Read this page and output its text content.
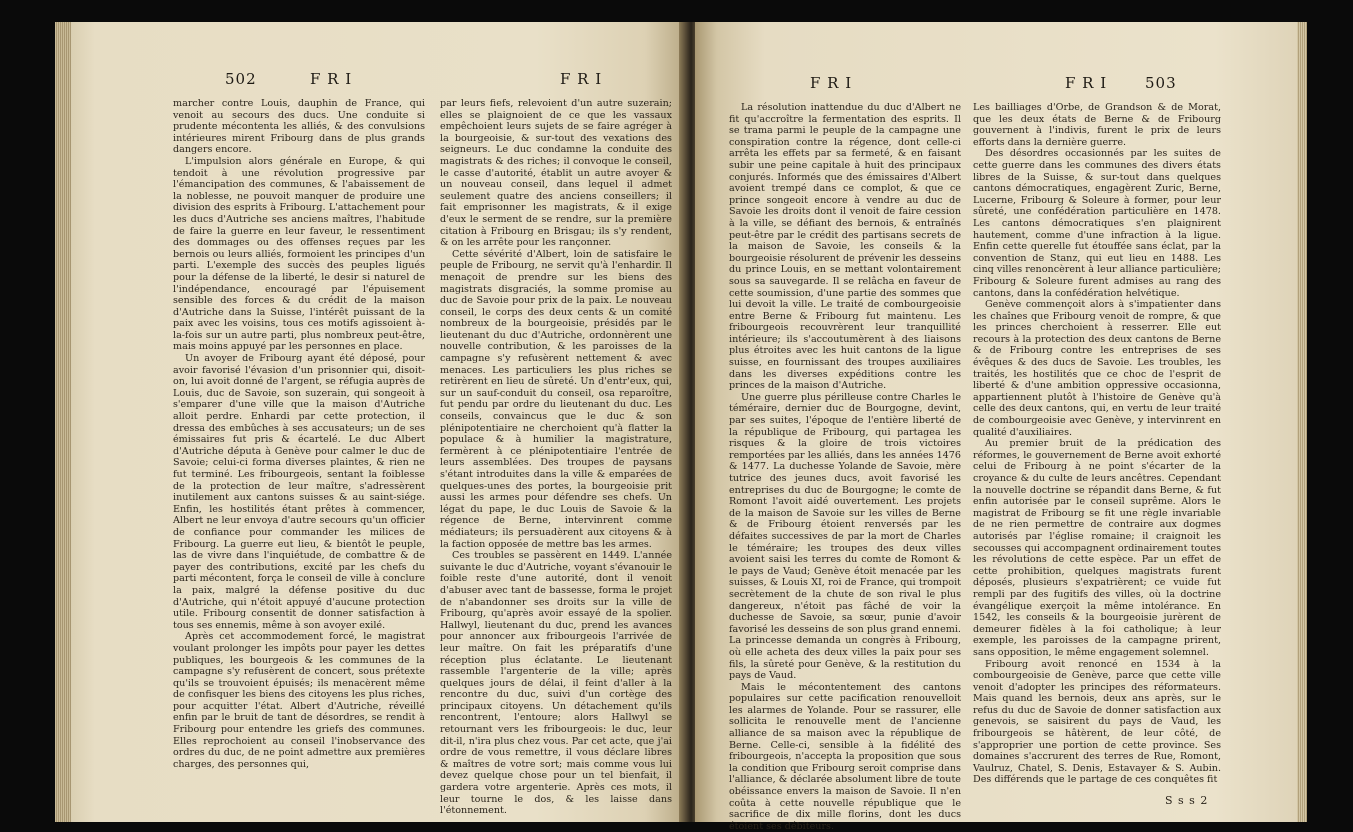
502	F R I	F R I

marcher contre Louis, dauphin de France, qui venoit au secours des ducs. Une conduite si prudente mécontenta les alliés, & des convulsions intérieures mirent Fribourg dans de plus grands dangers encore.

L'impulsion alors générale en Europe, & qui tendoit à une révolution progressive par l'émancipation des communes, & l'abaissement de la noblesse, ne pouvoit manquer de produire une division des esprits à Fribourg. L'attachement pour les ducs d'Autriche ses anciens maîtres, l'habitude de faire la guerre en leur faveur, le ressentiment des dommages ou des offenses reçues par les bernois ou leurs alliés, formoient les principes d'un parti. L'exemple des succès des peuples ligués pour la défense de la liberté, le desir si naturel de l'indépendance, encouragé par l'épuisement sensible des forces & du crédit de la maison d'Autriche dans la Suisse, l'intérêt puissant de la paix avec les voisins, tous ces motifs agissoient à-la-fois sur un autre parti, plus nombreux peut-être, mais moins appuyé par les personnes en place.

Un avoyer de Fribourg ayant été déposé, pour avoir favorisé l'évasion d'un prisonnier qui, disoit-on, lui avoit donné de l'argent, se réfugia auprès de Louis, duc de Savoie, son suzerain, qui songeoit à s'emparer d'une ville que la maison d'Autriche alloit perdre. Enhardi par cette protection, il dressa des embûches à ses accusateurs; un de ses émissaires fut pris & écartelé. Le duc Albert d'Autriche députa à Genève pour calmer le duc de Savoie; celui-ci forma diverses plaintes, & rien ne fut terminé. Les fribourgeois, sentant la foiblesse de la protection de leur maître, s'adressèrent inutilement aux cantons suisses & au saint-siége. Enfin, les hostilités étant prêtes à commencer, Albert ne leur envoya d'autre secours qu'un officier de confiance pour commander les milices de Fribourg. La guerre eut lieu, & bientôt le peuple, las de vivre dans l'inquiétude, de combattre & de payer des contributions, excité par les chefs du parti mécontent, força le conseil de ville à conclure la paix, malgré la défense positive du duc d'Autriche, qui n'étoit appuyé d'aucune protection utile. Fribourg consentit de donner satisfaction à tous ses ennemis, même à son avoyer exilé.

Après cet accommodement forcé, le magistrat voulant prolonger les impôts pour payer les dettes publiques, les bourgeois & les communes de la campagne s'y refusèrent de concert, sous prétexte qu'ils se trouvoient épuisés; ils menacèrent même de confisquer les biens des citoyens les plus riches, pour acquitter l'état. Albert d'Autriche, réveillé enfin par le bruit de tant de désordres, se rendit à Fribourg pour entendre les griefs des communes. Elles reprochoient au conseil l'inobservance des ordres du duc, de ne point admettre aux premières charges, des personnes qui,

par leurs fiefs, relevoient d'un autre suzerain; elles se plaignoient de ce que les vassaux empêchoient leurs sujets de se faire agréger à la bourgeoisie, & sur-tout des vexations des seigneurs. Le duc condamne la conduite des magistrats & des riches; il convoque le conseil, le casse d'autorité, établit un autre avoyer & un nouveau conseil, dans lequel il admet seulement quatre des anciens conseillers; il fait emprisonner les magistrats, & il exige d'eux le serment de se rendre, sur la première citation à Fribourg en Brisgau; ils s'y rendent, & on les arrête pour les rançonner.

Cette sévérité d'Albert, loin de satisfaire le peuple de Fribourg, ne servit qu'à l'enhardir. Il menaçoit de prendre sur les biens des magistrats disgraciés, la somme promise au duc de Savoie pour prix de la paix. Le nouveau conseil, le corps des deux cents & un comité nombreux de la bourgeoisie, présidés par le lieutenant du duc d'Autriche, ordonnèrent une nouvelle contribution, & les paroisses de la campagne s'y refusèrent nettement & avec menaces. Les particuliers les plus riches se retirèrent en lieu de sûreté. Un d'entr'eux, qui, sur un sauf-conduit du conseil, osa reparoître, fut pendu par ordre du lieutenant du duc. Les conseils, convaincus que le duc & son plénipotentiaire ne cherchoient qu'à flatter la populace & à humilier la magistrature, fermèrent à ce plénipotentiaire l'entrée de leurs assemblées. Des troupes de paysans s'étant introduites dans la ville & emparées de quelques-unes des portes, la bourgeoisie prit aussi les armes pour défendre ses chefs. Un légat du pape, le duc Louis de Savoie & la régence de Berne, intervinrent comme médiateurs; ils persuadèrent aux citoyens & à la faction opposée de mettre bas les armes.

Ces troubles se passèrent en 1449. L'année suivante le duc d'Autriche, voyant s'évanouir le foible reste d'une autorité, dont il venoit d'abuser avec tant de bassesse, forma le projet de n'abandonner ses droits sur la ville de Fribourg, qu'après avoir essayé de la spolier. Hallwyl, lieutenant du duc, prend les avances pour annoncer aux fribourgeois l'arrivée de leur maître. On fait les préparatifs d'une réception plus éclatante. Le lieutenant rassemble l'argenterie de la ville; après quelques jours de délai, il feint d'aller à la rencontre du duc, suivi d'un cortège des principaux citoyens. Un détachement qu'ils rencontrent, l'entoure; alors Hallwyl se retournant vers les fribourgeois: le duc, leur dit-il, n'ira plus chez vous. Par cet acte, que j'ai ordre de vous remettre, il vous déclare libres & maîtres de votre sort; mais comme vous lui devez quelque chose pour un tel bienfait, il gardera votre argenterie. Après ces mots, il leur tourne le dos, & les laisse dans l'étonnement.

F R I	F R I	503

La résolution inattendue du duc d'Albert ne fit qu'accroître la fermentation des esprits. Il se trama parmi le peuple de la campagne une conspiration contre la régence, dont celle-ci arrêta les effets par sa fermeté, & en faisant subir une peine capitale à huit des principaux conjurés. Informés que des émissaires d'Albert avoient trempé dans ce complot, & que ce prince songeoit encore à vendre au duc de Savoie les droits dont il venoit de faire cession à la ville, se défiant des bernois, & entraînés peut-être par le crédit des partisans secrets de la maison de Savoie, les conseils & la bourgeoisie résolurent de prévenir les desseins du prince Louis, en se mettant volontairement sous sa sauvegarde. Il se relâcha en faveur de cette soumission, d'une partie des sommes que lui devoit la ville. Le traité de combourgeoisie entre Berne & Fribourg fut maintenu. Les fribourgeois recouvrèrent leur tranquillité intérieure; ils s'accoutumèrent à des liaisons plus étroites avec les huit cantons de la ligue suisse, en fournissant des troupes auxiliaires dans les diverses expéditions contre les princes de la maison d'Autriche.

Une guerre plus périlleuse contre Charles le téméraire, dernier duc de Bourgogne, devint, par ses suites, l'époque de l'entière liberté de la république de Fribourg, qui partagea les risques & la gloire de trois victoires remportées par les alliés, dans les années 1476 & 1477. La duchesse Yolande de Savoie, mère tutrice des jeunes ducs, avoit favorisé les entreprises du duc de Bourgogne; le comte de Romont l'avoit aidé ouvertement. Les projets de la maison de Savoie sur les villes de Berne & de Fribourg étoient renversés par les défaites successives de par la mort de Charles le téméraire; les troupes des deux villes avoient saisi les terres du comte de Romont & le pays de Vaud; Genève étoit menacée par les suisses, & Louis XI, roi de France, qui trompoit secrètement de la chute de son rival le plus dangereux, n'étoit pas fâché de voir la duchesse de Savoie, sa sœur, punie d'avoir favorisé les desseins de son plus grand ennemi. La princesse demanda un congrès à Fribourg, où elle acheta des deux villes la paix pour ses fils, la sûreté pour Genève, & la restitution du pays de Vaud.

Mais le mécontentement des cantons populaires sur cette pacification renouvelloit les alarmes de Yolande. Pour se rassurer, elle sollicita le renouvelle ment de l'ancienne alliance de sa maison avec la république de Berne. Celle-ci, sensible à la fidélité des fribourgeois, n'accepta la proposition que sous la condition que Fribourg seroit comprise dans l'alliance, & déclarée absolument libre de toute obéissance envers la maison de Savoie. Il n'en coûta à cette nouvelle république que le sacrifice de dix mille florins, dont les ducs étoient ses débiteurs.

Les bailliages d'Orbe, de Grandson & de Morat, que les deux états de Berne & de Fribourg gouvernent à l'indivis, furent le prix de leurs efforts dans la dernière guerre.

Des désordres occasionnés par les suites de cette guerre dans les communes des divers états libres de la Suisse, & sur-tout dans quelques cantons démocratiques, engagèrent Zuric, Berne, Lucerne, Fribourg & Soleure à former, pour leur sûreté, une confédération particulière en 1478. Les cantons démocratiques s'en plaignirent hautement, comme d'une infraction à la ligue. Enfin cette querelle fut étouffée sans éclat, par la convention de Stanz, qui eut lieu en 1488. Les cinq villes renoncèrent à leur alliance particulière; Fribourg & Soleure furent admises au rang des cantons, dans la confédération helvétique.

Genève commençoit alors à s'impatienter dans les chaînes que Fribourg venoit de rompre, & que les princes cherchoient à resserrer. Elle eut recours à la protection des deux cantons de Berne & de Fribourg contre les entreprises de ses évêques & des ducs de Savoie. Les troubles, les traités, les hostilités que ce choc de l'esprit de liberté & d'une ambition oppressive occasionna, appartiennent plutôt à l'histoire de Genève qu'à celle des deux cantons, qui, en vertu de leur traité de combourgeoisie avec Genève, y intervinrent en qualité d'auxiliaires.

Au premier bruit de la prédication des réformes, le gouvernement de Berne avoit exhorté celui de Fribourg à ne point s'écarter de la croyance & du culte de leurs ancêtres. Cependant la nouvelle doctrine se répandit dans Berne, & fut enfin autorisée par le conseil suprême. Alors le magistrat de Fribourg se fit une règle invariable de ne rien permettre de contraire aux dogmes autorisés par l'église romaine; il craignoit les secousses qui accompagnent ordinairement toutes les révolutions de cette espèce. Par un effet de cette prohibition, quelques magistrats furent déposés, plusieurs s'expatrièrent; ce vuide fut rempli par des fugitifs des villes, où la doctrine évangélique exerçoit la même intolérance. En 1542, les conseils & la bourgeoisie jurèrent de demeurer fidèles à la foi catholique; à leur exemple, les paroisses de la campagne prirent, sans opposition, le même engagement solemnel.

Fribourg avoit renoncé en 1534 à la combourgeoisie de Genève, parce que cette ville venoit d'adopter les principes des réformateurs. Mais quand les bernois, deux ans après, sur le refus du duc de Savoie de donner satisfaction aux genevois, se saisirent du pays de Vaud, les fribourgeois se hâtèrent, de leur côté, de s'approprier une portion de cette province. Ses domaines s'accrurent des terres de Rue, Romont, Vaulruz, Chatel, S. Denis, Estavayer & S. Aubin. Des différends que le partage de ces conquêtes fit

S s s 2
